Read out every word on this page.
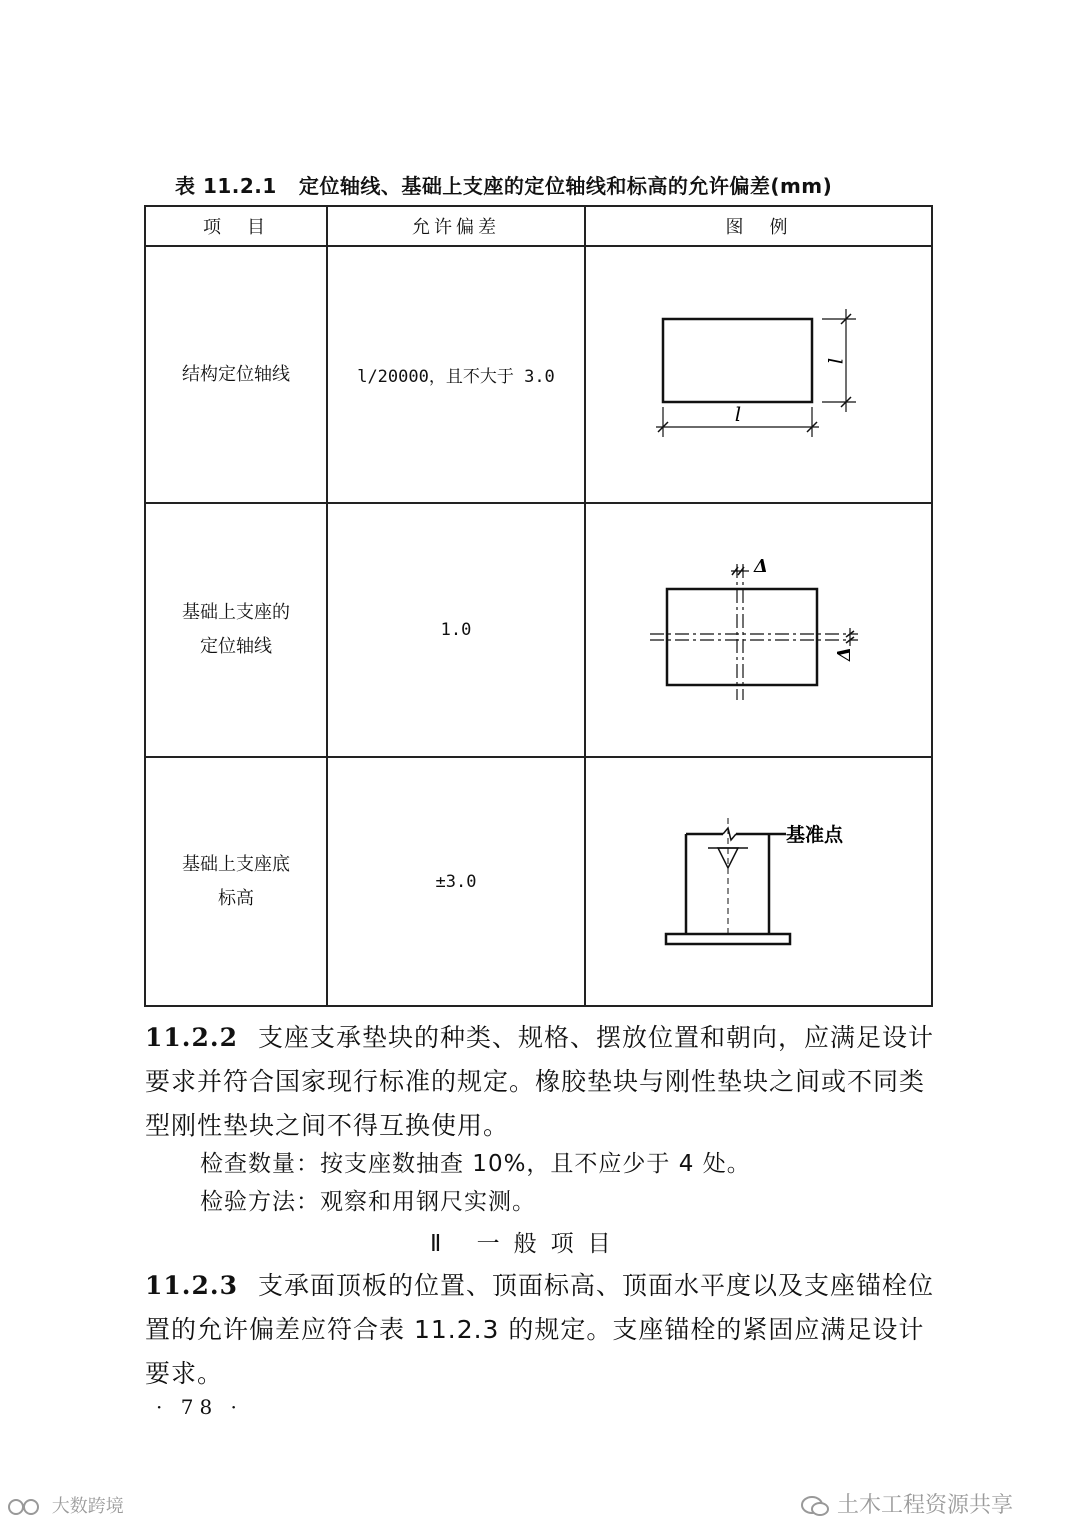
表 11.2.1 定位轴线、基础上支座的定位轴线和标高的允许偏差(mm)
项　目	允许偏差	图　例
结构定位轴线	l/20000，且不大于 3.0	l
l

基础上支座的
定位轴线	1.0	Δ
Δ

基础上支座底
标高	±3.0	基准点
11.2.2 支座支承垫块的种类、规格、摆放位置和朝向，应满足设计要求并符合国家现行标准的规定。橡胶垫块与刚性垫块之间或不同类型刚性垫块之间不得互换使用。
检查数量：按支座数抽查 10%，且不应少于 4 处。
检验方法：观察和用钢尺实测。
Ⅱ 一般项目
11.2.3 支承面顶板的位置、顶面标高、顶面水平度以及支座锚栓位置的允许偏差应符合表 11.2.3 的规定。支座锚栓的紧固应满足设计要求。
· 78 ·
大数跨境	土木工程资源共享
